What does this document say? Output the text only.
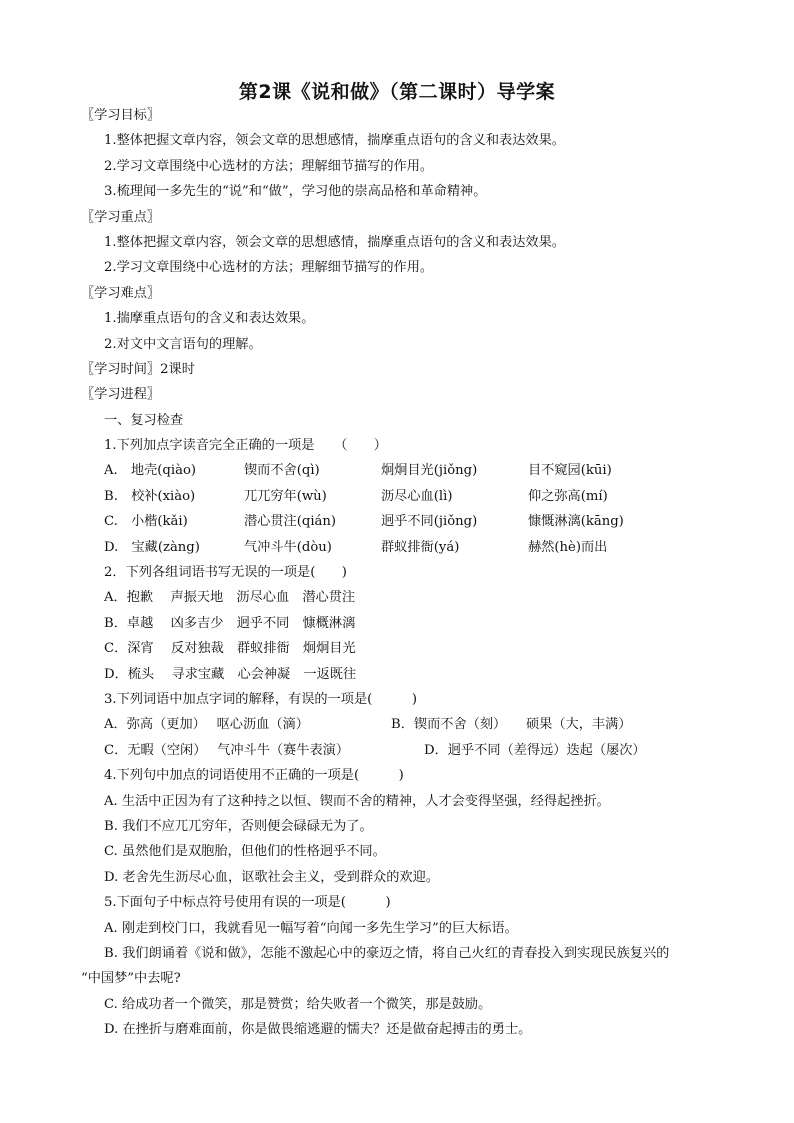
第2课《说和做》（第二课时）导学案
〖学习目标〗
1.整体把握文章内容，领会文章的思想感情，揣摩重点语句的含义和表达效果。
2.学习文章围绕中心选材的方法；理解细节描写的作用。
3.梳理闻一多先生的“说”和“做”，学习他的崇高品格和革命精神。
〖学习重点〗
1.整体把握文章内容，领会文章的思想感情，揣摩重点语句的含义和表达效果。
2.学习文章围绕中心选材的方法；理解细节描写的作用。
〖学习难点〗
1.揣摩重点语句的含义和表达效果。
2.对文中文言语句的理解。
〖学习时间〗2课时
〖学习进程〗
一、复习检查
1.下列加点字读音完全正确的一项是　　（　　）
A.　地壳(qiào)	锲而不舍(qì)	炯炯目光(jiǒng)	目不窥园(kūi)
B.　校补(xiào)	兀兀穷年(wù)	沥尽心血(lì)	仰之弥高(mí)
C.　小楷(kǎi)	潜心贯注(qián)	迥乎不同(jiǒng)	慷慨淋漓(kāng)
D.　宝藏(zàng)	气冲斗牛(dòu)	群蚁排衙(yá)	赫然(hè)而出
2．下列各组词语书写无误的一项是(　　)
A．抱歉　 声振天地　沥尽心血　潜心贯注
B．卓越　 凶多吉少　迥乎不同　慷概淋漓
C．深宵　 反对独裁　群蚁排衙　炯炯目光
D．梳头　 寻求宝藏　心会神凝　一返既往
3.下列词语中加点字词的解释，有误的一项是(　　　)
A．弥高（更加）　 呕心沥血（滴）	B．锲而不舍（刻）　　硕果（大，丰满）
C．无暇（空闲）　 气冲斗牛（赛牛表演）	D．迥乎不同（差得远）迭起（屡次）
4.下列句中加点的词语使用不正确的一项是(　　　)
A. 生活中正因为有了这种持之以恒、锲而不舍的精神，人才会变得坚强，经得起挫折。
B. 我们不应兀兀穷年，否则便会碌碌无为了。
C. 虽然他们是双胞胎，但他们的性格迥乎不同。
D. 老舍先生沥尽心血，讴歌社会主义，受到群众的欢迎。
5.下面句子中标点符号使用有误的一项是(　　　)
A. 刚走到校门口，我就看见一幅写着“向闻一多先生学习”的巨大标语。
B. 我们朗诵着《说和做》，怎能不激起心中的豪迈之情，将自己火红的青春投入到实现民族复兴的
“中国梦”中去呢?
C. 给成功者一个微笑，那是赞赏；给失败者一个微笑，那是鼓励。
D. 在挫折与磨难面前，你是做畏缩逃避的懦夫？还是做奋起搏击的勇士。
